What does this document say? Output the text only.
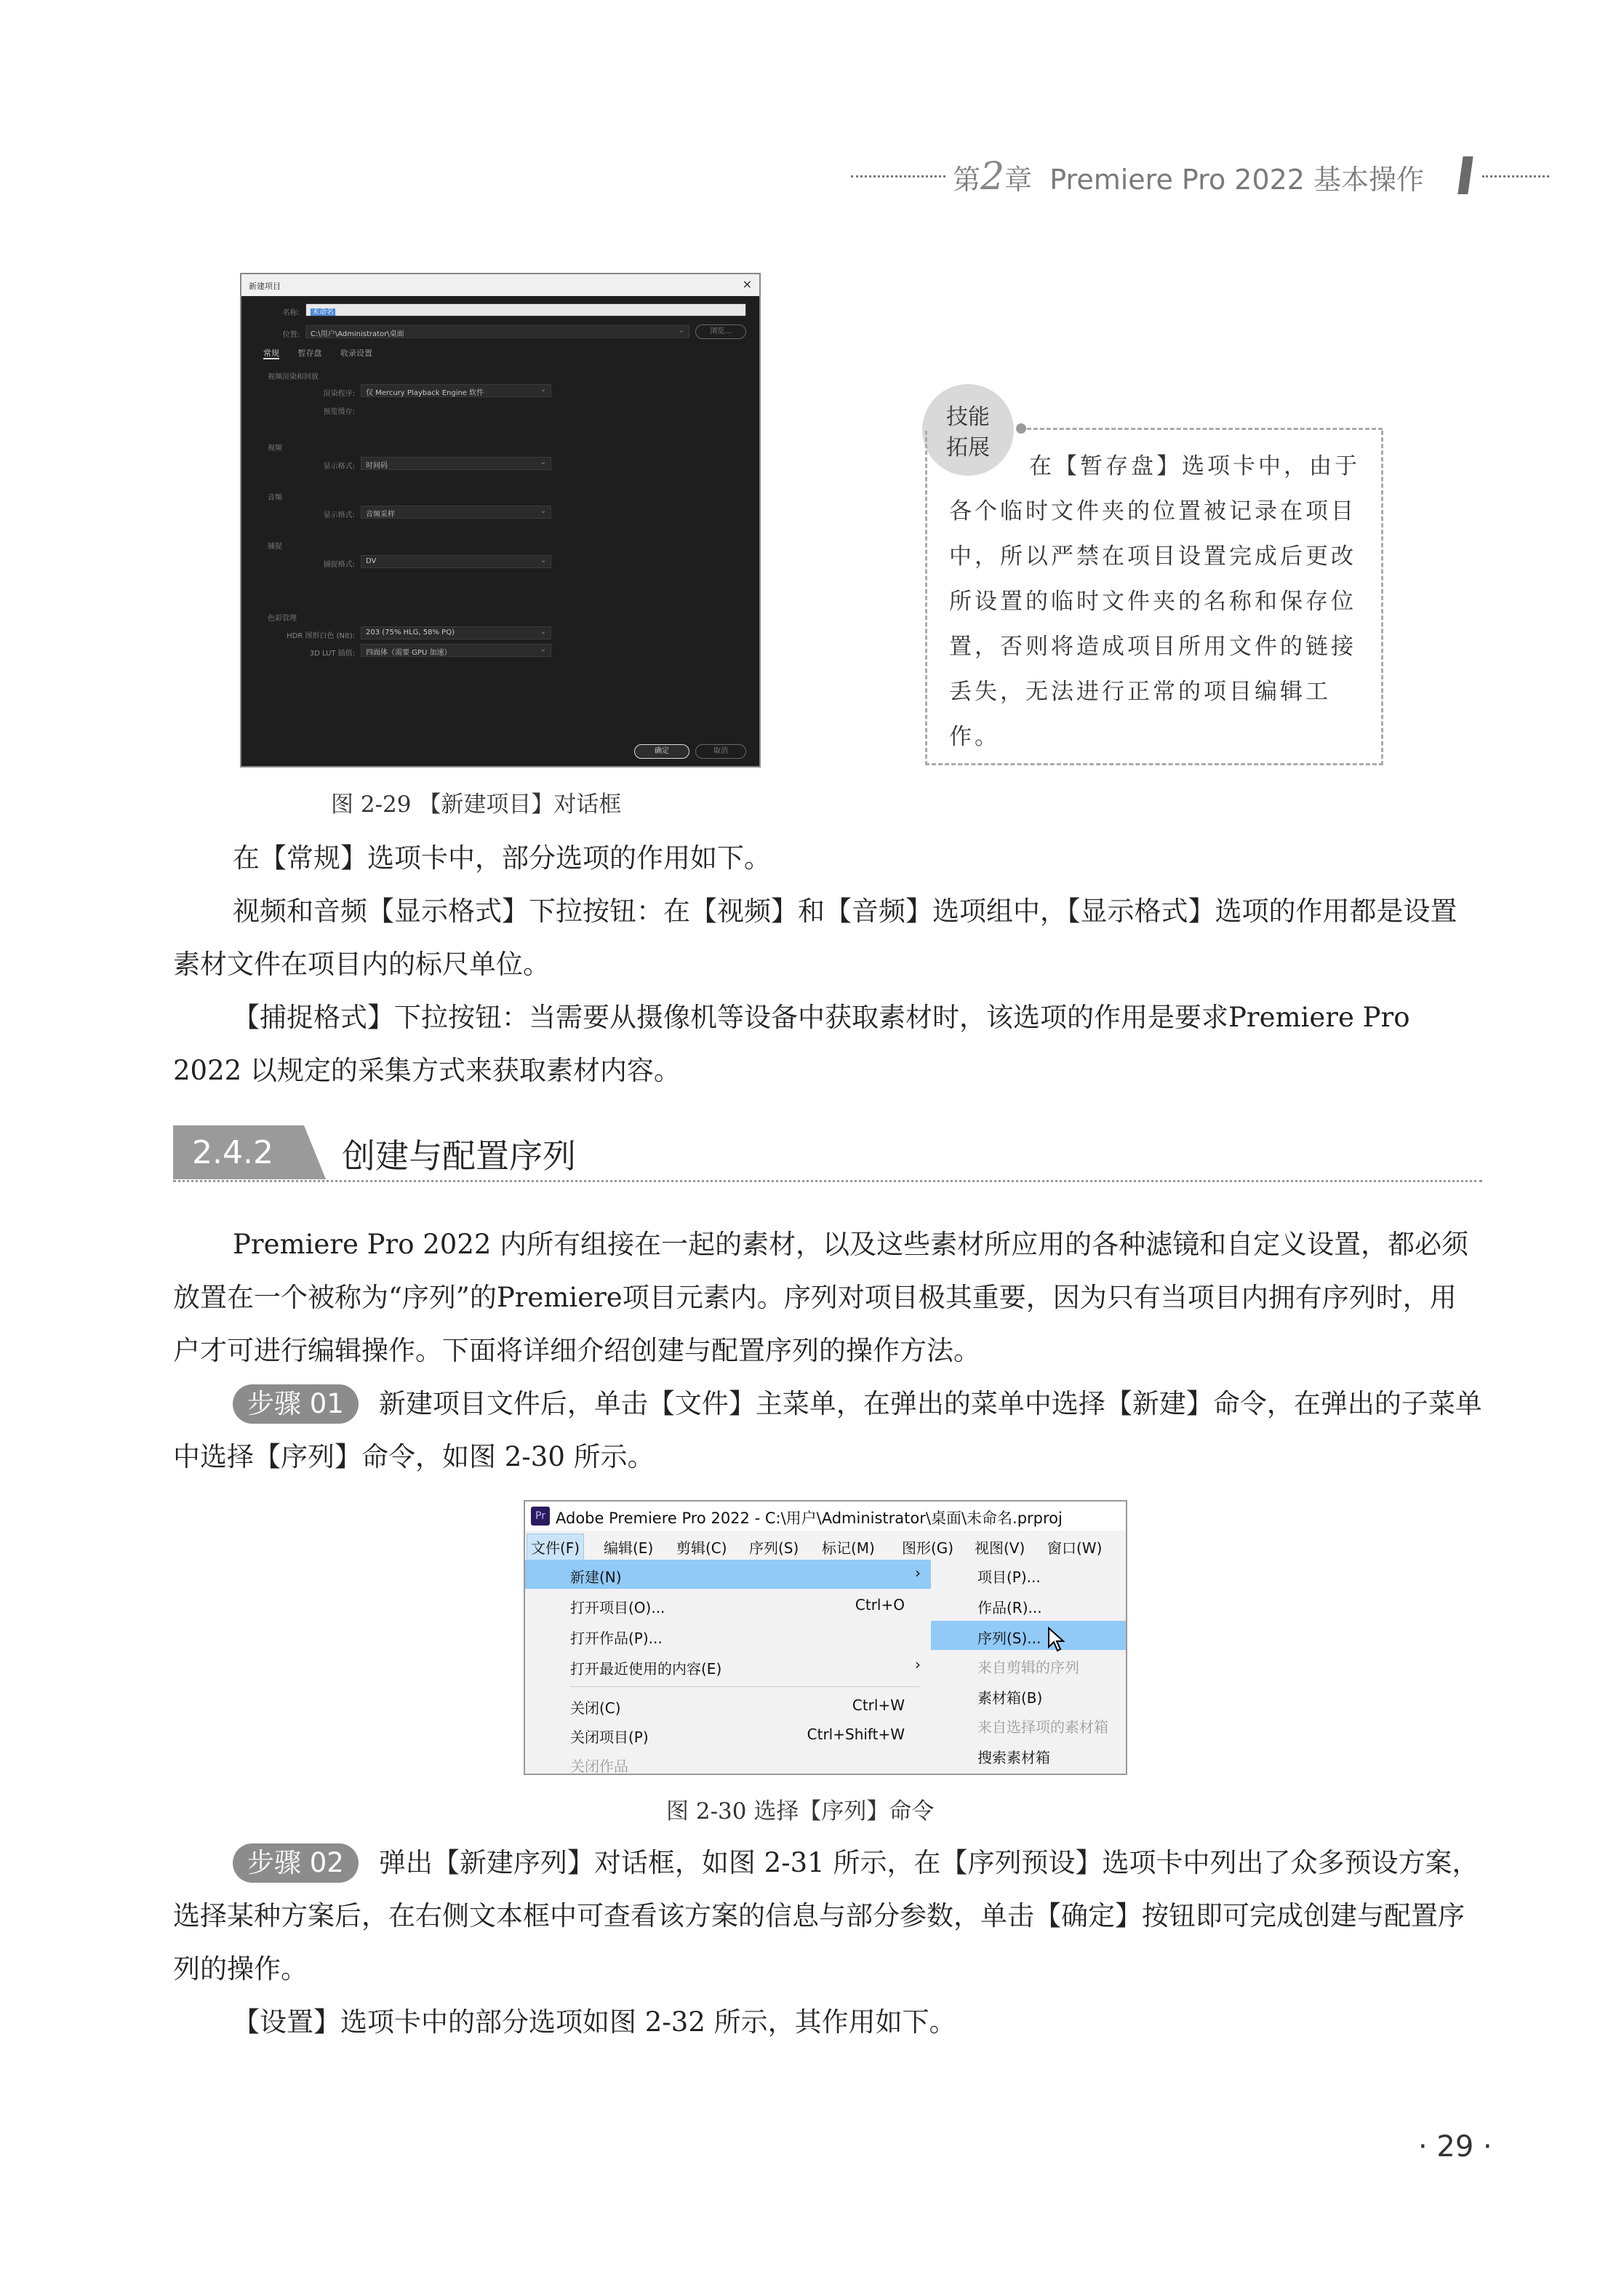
第2章 Premiere Pro 2022 基本操作
新建项目	×
名称:	未命名
位置:	C:\用户\Administrator\桌面	⌄	浏览...
常规 暂存盘 收录设置
视频渲染和回放
渲染程序:	仅 Mercury Playback Engine 软件	⌄
预览缓存:
视频
显示格式:	时间码	⌄
音频
显示格式:	音频采样	⌄
捕捉
捕捉格式:	DV	⌄
色彩管理
HDR 图形白色 (Nit):	203 (75% HLG, 58% PQ)	⌄
3D LUT 插值:	四面体（需要 GPU 加速）	⌄
确定	取消
技能
拓展
在【暂存盘】选项卡中，由于各个临时文件夹的位置被记录在项目中，所以严禁在项目设置完成后更改所设置的临时文件夹的名称和保存位置，否则将造成项目所用文件的链接丢失，无法进行正常的项目编辑工作。
图 2-29 【新建项目】对话框

在【常规】选项卡中，部分选项的作用如下。

视频和音频【显示格式】下拉按钮：在【视频】和【音频】选项组中，【显示格式】选项的作用都是设置素材文件在项目内的标尺单位。

【捕捉格式】下拉按钮：当需要从摄像机等设备中获取素材时，该选项的作用是要求Premiere Pro 2022 以规定的采集方式来获取素材内容。

2.4.2 创建与配置序列

Premiere Pro 2022 内所有组接在一起的素材，以及这些素材所应用的各种滤镜和自定义设置，都必须放置在一个被称为“序列”的Premiere项目元素内。序列对项目极其重要，因为只有当项目内拥有序列时，用户才可进行编辑操作。下面将详细介绍创建与配置序列的操作方法。

步骤 01 新建项目文件后，单击【文件】主菜单，在弹出的菜单中选择【新建】命令，在弹出的子菜单中选择【序列】命令，如图 2-30 所示。

Pr Adobe Premiere Pro 2022 - C:\用户\Administrator\桌面\未命名.prproj
文件(F)	编辑(E) 剪辑(C) 序列(S) 标记(M) 图形(G) 视图(V) 窗口(W)
新建(N)	›
打开项目(O)...	Ctrl+O
打开作品(P)...
打开最近使用的内容(E)	›
关闭(C)	Ctrl+W
关闭项目(P)	Ctrl+Shift+W
关闭作品
项目(P)...
作品(R)...
序列(S)...
来自剪辑的序列
素材箱(B)
来自选择项的素材箱
搜索素材箱
图 2-30 选择【序列】命令

步骤 02 弹出【新建序列】对话框，如图 2-31 所示，在【序列预设】选项卡中列出了众多预设方案，选择某种方案后，在右侧文本框中可查看该方案的信息与部分参数，单击【确定】按钮即可完成创建与配置序列的操作。

【设置】选项卡中的部分选项如图 2-32 所示，其作用如下。

· 29 ·
